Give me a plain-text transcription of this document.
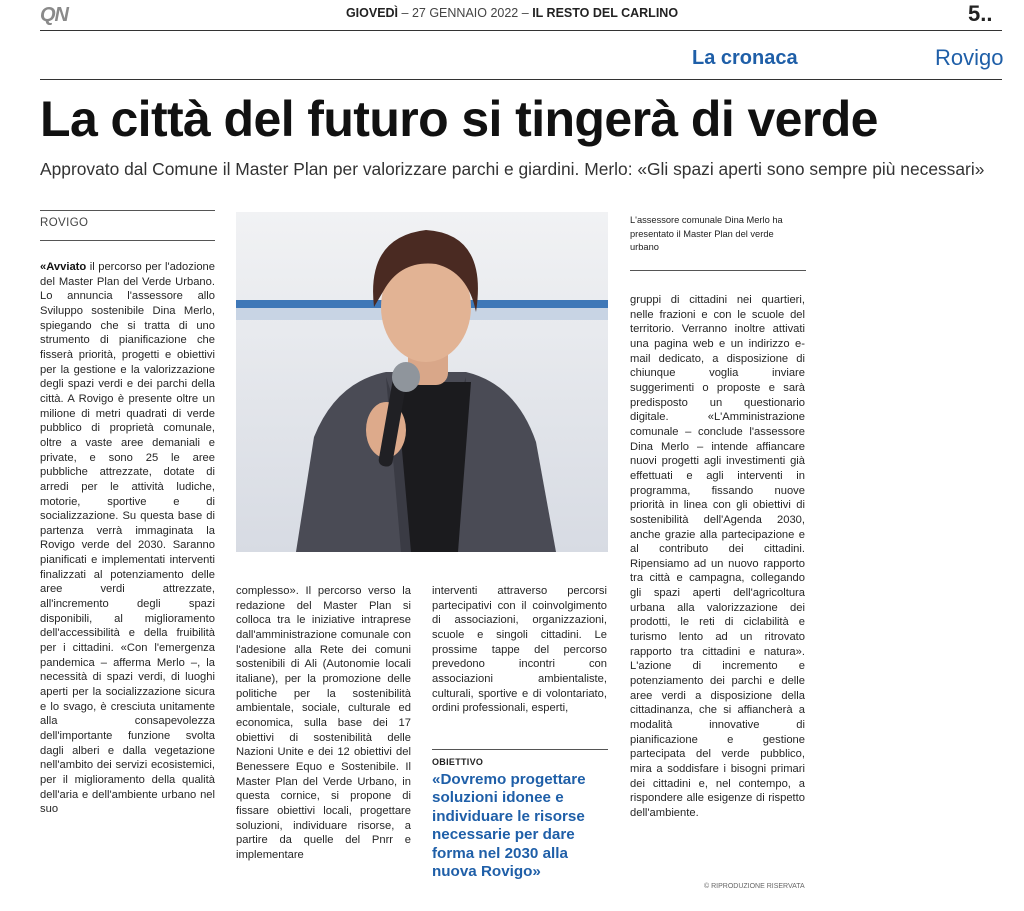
QN	GIOVEDÌ – 27 GENNAIO 2022 – IL RESTO DEL CARLINO	5..
La cronaca	Rovigo
La città del futuro si tingerà di verde
Approvato dal Comune il Master Plan per valorizzare parchi e giardini. Merlo: «Gli spazi aperti sono sempre più necessari»
ROVIGO
«Avviato il percorso per l'adozione del Master Plan del Verde Urbano. Lo annuncia l'assessore allo Sviluppo sostenibile Dina Merlo, spiegando che si tratta di uno strumento di pianificazione che fisserà priorità, progetti e obiettivi per la gestione e la valorizzazione degli spazi verdi e dei parchi della città. A Rovigo è presente oltre un milione di metri quadrati di verde pubblico di proprietà comunale, oltre a vaste aree demaniali e private, e sono 25 le aree pubbliche attrezzate, dotate di arredi per le attività ludiche, motorie, sportive e di socializzazione. Su questa base di partenza verrà immaginata la Rovigo verde del 2030. Saranno pianificati e implementati interventi finalizzati al potenziamento delle aree verdi attrezzate, all'incremento degli spazi disponibili, al miglioramento dell'accessibilità e della fruibilità per i cittadini. «Con l'emergenza pandemica – afferma Merlo –, la necessità di spazi verdi, di luoghi aperti per la socializzazione sicura e lo svago, è cresciuta unitamente alla consapevolezza dell'importante funzione svolta dagli alberi e dalla vegetazione nell'ambito dei servizi ecosistemici, per il miglioramento della qualità dell'aria e dell'ambiente urbano nel suo
complesso». Il percorso verso la redazione del Master Plan si colloca tra le iniziative intraprese dall'amministrazione comunale con l'adesione alla Rete dei comuni sostenibili di Ali (Autonomie locali italiane), per la promozione delle politiche per la sostenibilità ambientale, sociale, culturale ed economica, sulla base dei 17 obiettivi di sostenibilità delle Nazioni Unite e dei 12 obiettivi del Benessere Equo e Sostenibile. Il Master Plan del Verde Urbano, in questa cornice, si propone di fissare obiettivi locali, progettare soluzioni, individuare risorse, a partire da quelle del Pnrr e implementare
interventi attraverso percorsi partecipativi con il coinvolgimento di associazioni, organizzazioni, scuole e singoli cittadini. Le prossime tappe del percorso prevedono incontri con associazioni ambientaliste, culturali, sportive e di volontariato, ordini professionali, esperti,
OBIETTIVO
«Dovremo progettare soluzioni idonee e individuare le risorse necessarie per dare forma nel 2030 alla nuova Rovigo»
L'assessore comunale Dina Merlo ha presentato il Master Plan del verde urbano
gruppi di cittadini nei quartieri, nelle frazioni e con le scuole del territorio. Verranno inoltre attivati una pagina web e un indirizzo e-mail dedicato, a disposizione di chiunque voglia inviare suggerimenti o proposte e sarà predisposto un questionario digitale. «L'Amministrazione comunale – conclude l'assessore Dina Merlo – intende affiancare nuovi progetti agli investimenti già effettuati e agli interventi in programma, fissando nuove priorità in linea con gli obiettivi di sostenibilità dell'Agenda 2030, anche grazie alla partecipazione e al contributo dei cittadini. Ripensiamo ad un nuovo rapporto tra città e campagna, collegando gli spazi aperti dell'agricoltura urbana alla valorizzazione dei prodotti, le reti di ciclabilità e turismo lento ad un ritrovato rapporto tra cittadini e natura». L'azione di incremento e potenziamento dei parchi e delle aree verdi a disposizione della cittadinanza, che si affiancherà a modalità innovative di pianificazione e gestione partecipata del verde pubblico, mira a soddisfare i bisogni primari dei cittadini e, nel contempo, a rispondere alle esigenze di rispetto dell'ambiente.
© RIPRODUZIONE RISERVATA
